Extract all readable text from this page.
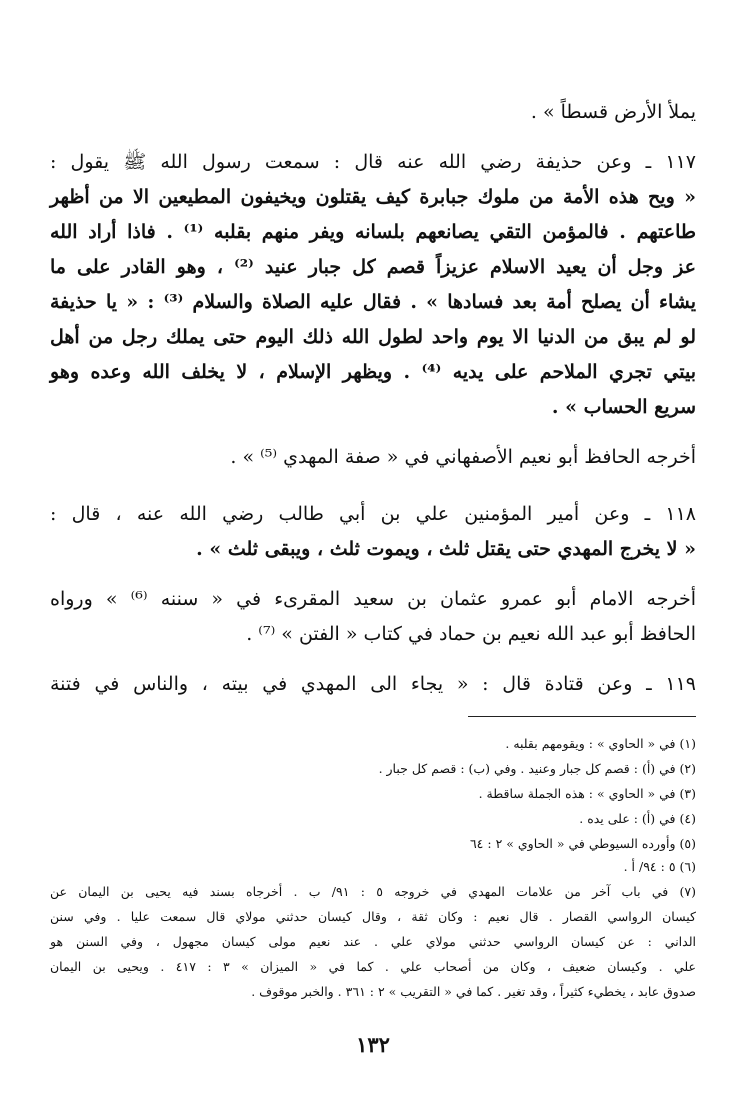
يملأ الأرض قسطاً » .
١١٧ ـ وعن حذيفة رضي الله عنه قال : سمعت رسول الله ﷺ يقول :
« ويح هذه الأمة من ملوك جبابرة كيف يقتلون ويخيفون المطيعين الا من أظهر
طاعتهم . فالمؤمن التقي يصانعهم بلسانه ويفر منهم بقلبه ⁽¹⁾ . فاذا أراد الله
عز وجل أن يعيد الاسلام عزيزاً قصم كل جبار عنيد ⁽²⁾ ، وهو القادر على ما
يشاء أن يصلح أمة بعد فسادها » . فقال عليه الصلاة والسلام ⁽³⁾ : « يا حذيفة
لو لم يبق من الدنيا الا يوم واحد لطول الله ذلك اليوم حتى يملك رجل من أهل
بيتي تجري الملاحم على يديه ⁽⁴⁾ . ويظهر الإسلام ، لا يخلف الله وعده وهو
سريع الحساب » .
أخرجه الحافظ أبو نعيم الأصفهاني في « صفة المهدي ⁽⁵⁾ » .
١١٨ ـ وعن أمير المؤمنين علي بن أبي طالب رضي الله عنه ، قال :
« لا يخرج المهدي حتى يقتل ثلث ، ويموت ثلث ، ويبقى ثلث » .
أخرجه الامام أبو عمرو عثمان بن سعيد المقرىء في « سننه ⁽⁶⁾ » ورواه
الحافظ أبو عبد الله نعيم بن حماد في كتاب « الفتن » ⁽⁷⁾ .
١١٩ ـ وعن قتادة قال : « يجاء الى المهدي في بيته ، والناس في فتنة
(١) في « الحاوي » : ويقومهم بقلبه .
(٢) في (أ) : قصم كل جبار وعنيد . وفي (ب) : قصم كل جبار .
(٣) في « الحاوي » : هذه الجملة ساقطة .
(٤) في (أ) : على يده .
(٥) وأورده السيوطي في « الحاوي » ٢ : ٦٤
(٦) ٥ : ٩٤/ أ .
(٧) في باب آخر من علامات المهدي في خروجه ٥ : ٩١/ ب . أخرجاه بسند فيه يحيى بن اليمان عن
كيسان الرواسي القصار . قال نعيم : وكان ثقة ، وقال كيسان حدثني مولاي قال سمعت عليا . وفي سنن
الداني : عن كيسان الرواسي حدثني مولاي علي . عند نعيم مولى كيسان مجهول ، وفي السنن هو
علي . وكيسان ضعيف ، وكان من أصحاب علي . كما في « الميزان » ٣ : ٤١٧ . ويحيى بن اليمان
صدوق عابد ، يخطيء كثيراً ، وقد تغير . كما في « التقريب » ٢ : ٣٦١ . والخبر موقوف .
١٣٢
